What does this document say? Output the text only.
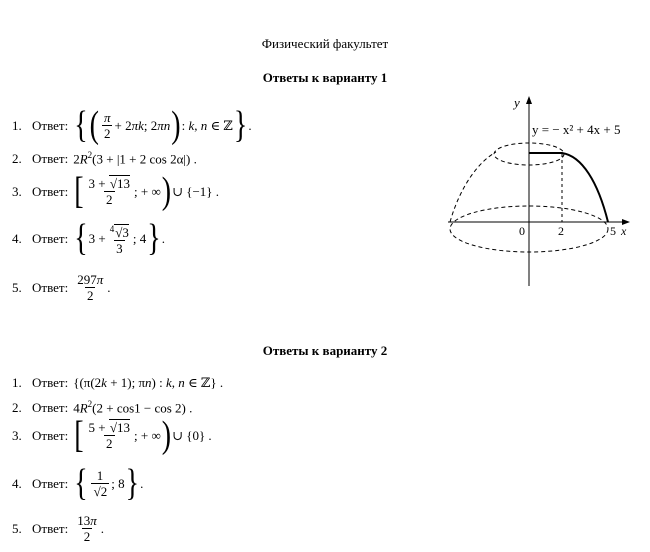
Физический факультет
Ответы к варианту 1
1. Ответ: { ( $\frac{\pi}{2} + 2\pi k$; 2πn ) : k, n ∈ ℤ } .
2. Ответ: $2R^2(3 + |1 + 2$ cos 2α|) .
3. Ответ: [ $\frac{3 + √13}{2}$ ; + ∞ ) ∪ {−1} .
4. Ответ: { $3 + \frac{^4√3}{3}$ ; 4 } .
5. Ответ: $\frac{297\pi}{2}$ .
y
y = − x² + 4x + 5
0	2	5 x
Ответы к варианту 2
1. Ответ: {(π(2k + 1); πn) : k, n ∈ ℤ} .
2. Ответ: $4R^2(2 + \cos 1 - \cos 2)$ .
3. Ответ: [ $\frac{5 + √13}{2}$ ; + ∞ ) ∪ {0} .
4. Ответ: { $\frac{1}{√2}$ ; 8 } .
5. Ответ: $\frac{13\pi}{2}$ .
